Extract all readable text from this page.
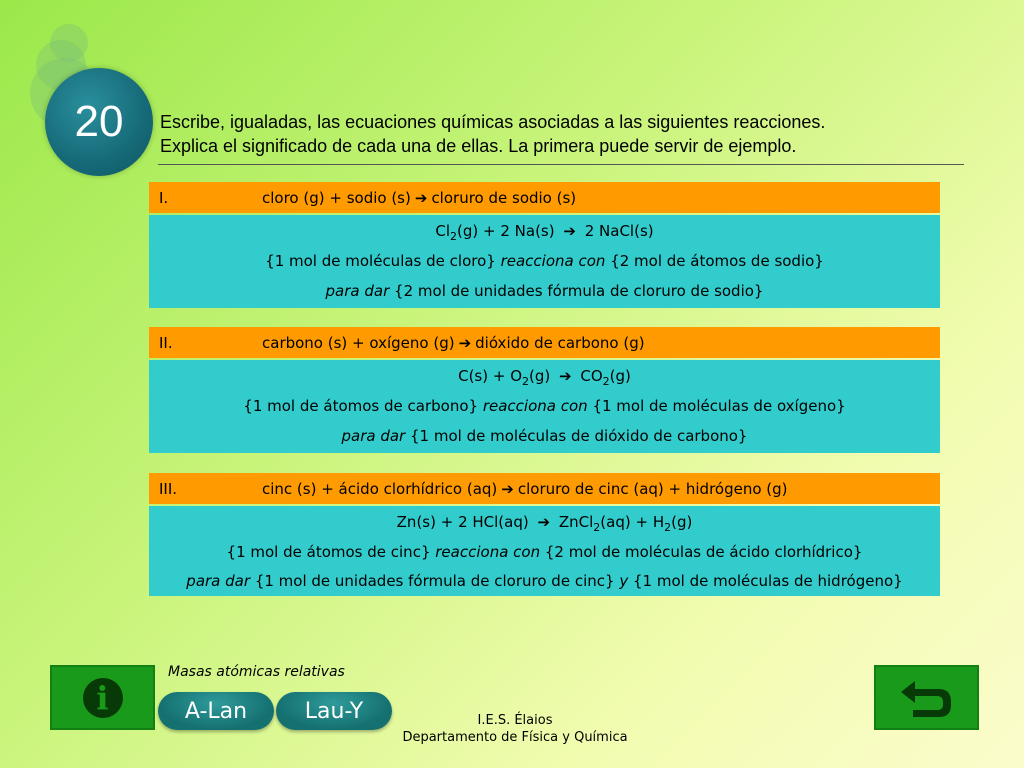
20	Escribe, igualadas, las ecuaciones químicas asociadas a las siguientes reacciones.
Explica el significado de cada una de ellas. La primera puede servir de ejemplo.
I.	cloro (g) + sodio (s) ➔ cloruro de sodio (s)
$Cl_2(g) + 2$ Na(s) ➔ 2 NaCl(s)
{1 mol de moléculas de cloro} reacciona con {2 mol de átomos de sodio}
para dar {2 mol de unidades fórmula de cloruro de sodio}
II.	carbono (s) + oxígeno (g) ➔ dióxido de carbono (g)
$C(s) + O_2(g)$ ➔ $CO_2(g)$
{1 mol de átomos de carbono} reacciona con {1 mol de moléculas de oxígeno}
para dar {1 mol de moléculas de dióxido de carbono}
III.	cinc (s) + ácido clorhídrico (aq) ➔ cloruro de cinc (aq) + hidrógeno (g)
Zn(s) + 2 HCl(aq) ➔ ZnCl$_2$(aq) + $H_2(g)$
{1 mol de átomos de cinc} reacciona con {2 mol de moléculas de ácido clorhídrico}
para dar {1 mol de unidades fórmula de cloruro de cinc} y {1 mol de moléculas de hidrógeno}
i
Masas atómicas relativas
A-Lan	Lau-Y	I.E.S. Élaios
Departamento de Física y Química
